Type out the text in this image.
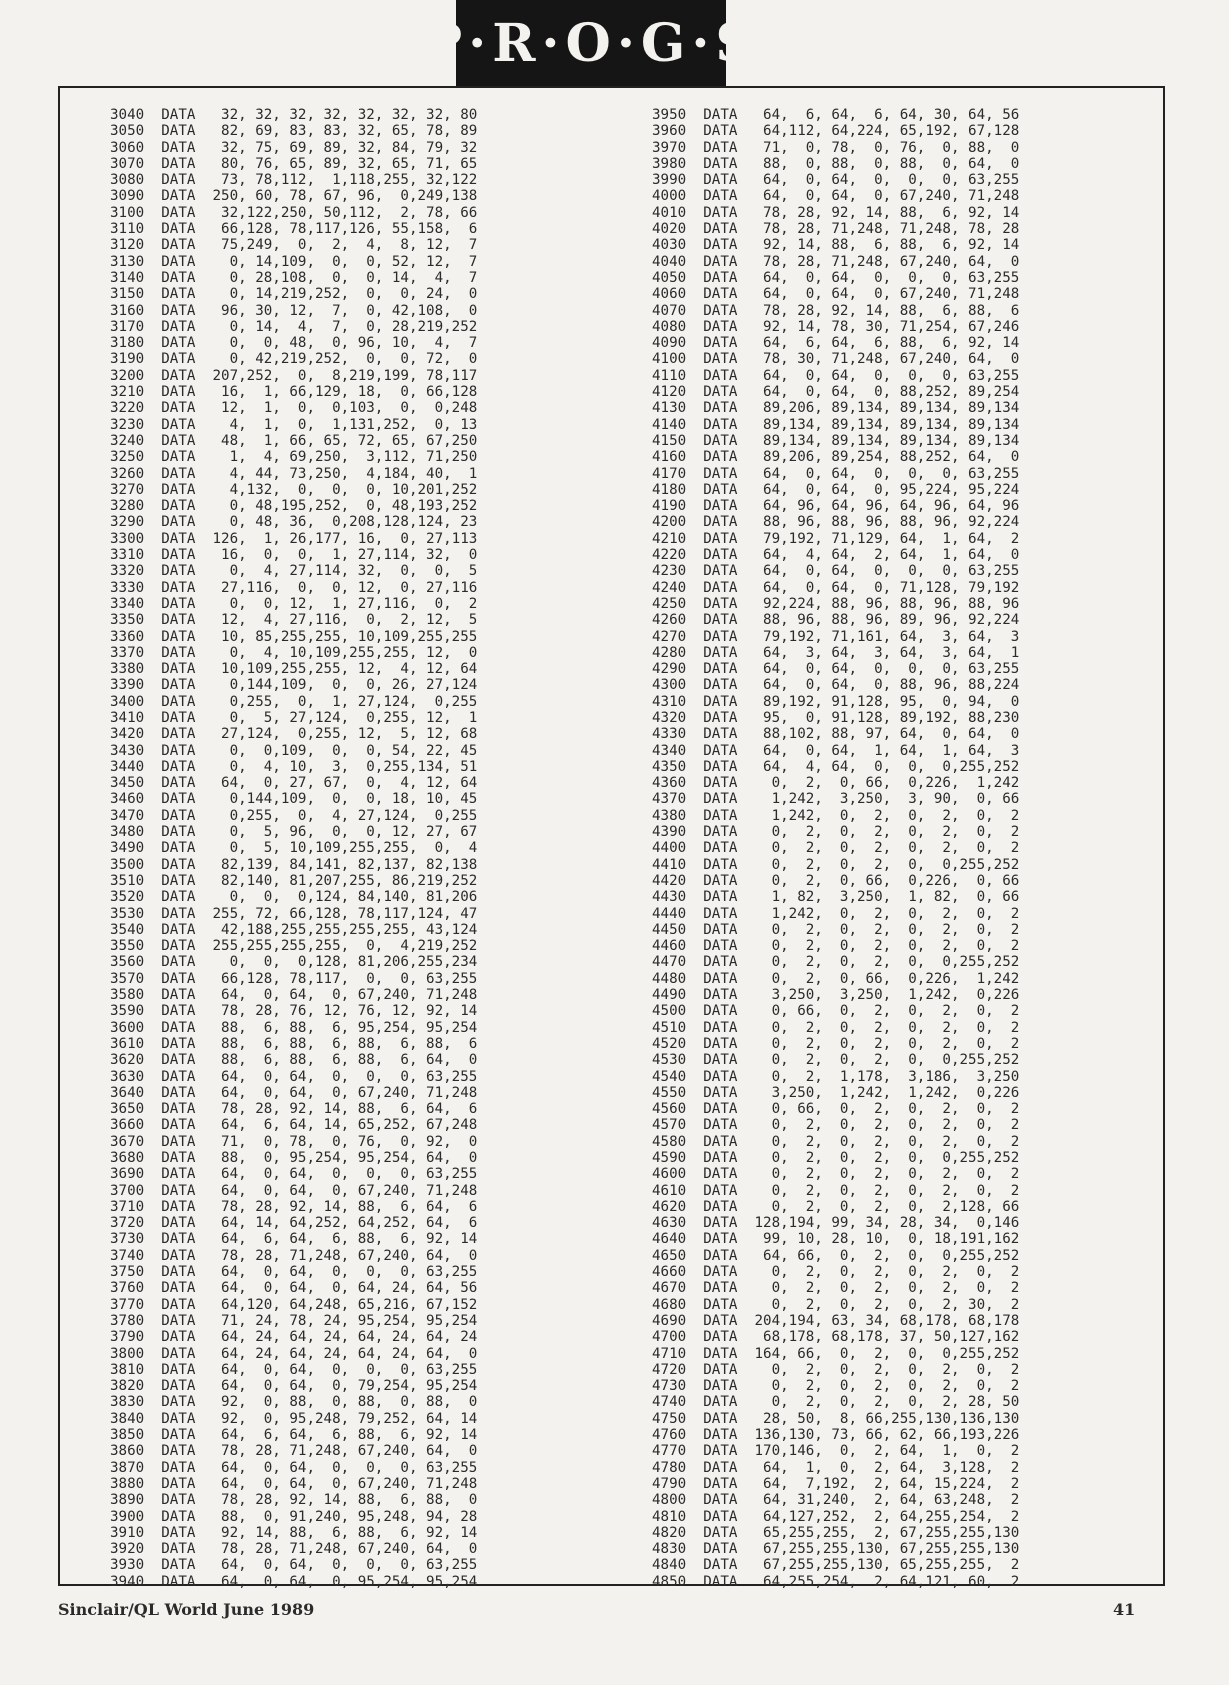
P·R·O·G·S
3040  DATA   32, 32, 32, 32, 32, 32, 32, 80
3050  DATA   82, 69, 83, 83, 32, 65, 78, 89
3060  DATA   32, 75, 69, 89, 32, 84, 79, 32
3070  DATA   80, 76, 65, 89, 32, 65, 71, 65
3080  DATA   73, 78,112,  1,118,255, 32,122
3090  DATA  250, 60, 78, 67, 96,  0,249,138
3100  DATA   32,122,250, 50,112,  2, 78, 66
3110  DATA   66,128, 78,117,126, 55,158,  6
3120  DATA   75,249,  0,  2,  4,  8, 12,  7
3130  DATA    0, 14,109,  0,  0, 52, 12,  7
3140  DATA    0, 28,108,  0,  0, 14,  4,  7
3150  DATA    0, 14,219,252,  0,  0, 24,  0
3160  DATA   96, 30, 12,  7,  0, 42,108,  0
3170  DATA    0, 14,  4,  7,  0, 28,219,252
3180  DATA    0,  0, 48,  0, 96, 10,  4,  7
3190  DATA    0, 42,219,252,  0,  0, 72,  0
3200  DATA  207,252,  0,  8,219,199, 78,117
3210  DATA   16,  1, 66,129, 18,  0, 66,128
3220  DATA   12,  1,  0,  0,103,  0,  0,248
3230  DATA    4,  1,  0,  1,131,252,  0, 13
3240  DATA   48,  1, 66, 65, 72, 65, 67,250
3250  DATA    1,  4, 69,250,  3,112, 71,250
3260  DATA    4, 44, 73,250,  4,184, 40,  1
3270  DATA    4,132,  0,  0,  0, 10,201,252
3280  DATA    0, 48,195,252,  0, 48,193,252
3290  DATA    0, 48, 36,  0,208,128,124, 23
3300  DATA  126,  1, 26,177, 16,  0, 27,113
3310  DATA   16,  0,  0,  1, 27,114, 32,  0
3320  DATA    0,  4, 27,114, 32,  0,  0,  5
3330  DATA   27,116,  0,  0, 12,  0, 27,116
3340  DATA    0,  0, 12,  1, 27,116,  0,  2
3350  DATA   12,  4, 27,116,  0,  2, 12,  5
3360  DATA   10, 85,255,255, 10,109,255,255
3370  DATA    0,  4, 10,109,255,255, 12,  0
3380  DATA   10,109,255,255, 12,  4, 12, 64
3390  DATA    0,144,109,  0,  0, 26, 27,124
3400  DATA    0,255,  0,  1, 27,124,  0,255
3410  DATA    0,  5, 27,124,  0,255, 12,  1
3420  DATA   27,124,  0,255, 12,  5, 12, 68
3430  DATA    0,  0,109,  0,  0, 54, 22, 45
3440  DATA    0,  4, 10,  3,  0,255,134, 51
3450  DATA   64,  0, 27, 67,  0,  4, 12, 64
3460  DATA    0,144,109,  0,  0, 18, 10, 45
3470  DATA    0,255,  0,  4, 27,124,  0,255
3480  DATA    0,  5, 96,  0,  0, 12, 27, 67
3490  DATA    0,  5, 10,109,255,255,  0,  4
3500  DATA   82,139, 84,141, 82,137, 82,138
3510  DATA   82,140, 81,207,255, 86,219,252
3520  DATA    0,  0,  0,124, 84,140, 81,206
3530  DATA  255, 72, 66,128, 78,117,124, 47
3540  DATA   42,188,255,255,255,255, 43,124
3550  DATA  255,255,255,255,  0,  4,219,252
3560  DATA    0,  0,  0,128, 81,206,255,234
3570  DATA   66,128, 78,117,  0,  0, 63,255
3580  DATA   64,  0, 64,  0, 67,240, 71,248
3590  DATA   78, 28, 76, 12, 76, 12, 92, 14
3600  DATA   88,  6, 88,  6, 95,254, 95,254
3610  DATA   88,  6, 88,  6, 88,  6, 88,  6
3620  DATA   88,  6, 88,  6, 88,  6, 64,  0
3630  DATA   64,  0, 64,  0,  0,  0, 63,255
3640  DATA   64,  0, 64,  0, 67,240, 71,248
3650  DATA   78, 28, 92, 14, 88,  6, 64,  6
3660  DATA   64,  6, 64, 14, 65,252, 67,248
3670  DATA   71,  0, 78,  0, 76,  0, 92,  0
3680  DATA   88,  0, 95,254, 95,254, 64,  0
3690  DATA   64,  0, 64,  0,  0,  0, 63,255
3700  DATA   64,  0, 64,  0, 67,240, 71,248
3710  DATA   78, 28, 92, 14, 88,  6, 64,  6
3720  DATA   64, 14, 64,252, 64,252, 64,  6
3730  DATA   64,  6, 64,  6, 88,  6, 92, 14
3740  DATA   78, 28, 71,248, 67,240, 64,  0
3750  DATA   64,  0, 64,  0,  0,  0, 63,255
3760  DATA   64,  0, 64,  0, 64, 24, 64, 56
3770  DATA   64,120, 64,248, 65,216, 67,152
3780  DATA   71, 24, 78, 24, 95,254, 95,254
3790  DATA   64, 24, 64, 24, 64, 24, 64, 24
3800  DATA   64, 24, 64, 24, 64, 24, 64,  0
3810  DATA   64,  0, 64,  0,  0,  0, 63,255
3820  DATA   64,  0, 64,  0, 79,254, 95,254
3830  DATA   92,  0, 88,  0, 88,  0, 88,  0
3840  DATA   92,  0, 95,248, 79,252, 64, 14
3850  DATA   64,  6, 64,  6, 88,  6, 92, 14
3860  DATA   78, 28, 71,248, 67,240, 64,  0
3870  DATA   64,  0, 64,  0,  0,  0, 63,255
3880  DATA   64,  0, 64,  0, 67,240, 71,248
3890  DATA   78, 28, 92, 14, 88,  6, 88,  0
3900  DATA   88,  0, 91,240, 95,248, 94, 28
3910  DATA   92, 14, 88,  6, 88,  6, 92, 14
3920  DATA   78, 28, 71,248, 67,240, 64,  0
3930  DATA   64,  0, 64,  0,  0,  0, 63,255
3940  DATA   64,  0, 64,  0, 95,254, 95,254
3950  DATA   64,  6, 64,  6, 64, 30, 64, 56
3960  DATA   64,112, 64,224, 65,192, 67,128
3970  DATA   71,  0, 78,  0, 76,  0, 88,  0
3980  DATA   88,  0, 88,  0, 88,  0, 64,  0
3990  DATA   64,  0, 64,  0,  0,  0, 63,255
4000  DATA   64,  0, 64,  0, 67,240, 71,248
4010  DATA   78, 28, 92, 14, 88,  6, 92, 14
4020  DATA   78, 28, 71,248, 71,248, 78, 28
4030  DATA   92, 14, 88,  6, 88,  6, 92, 14
4040  DATA   78, 28, 71,248, 67,240, 64,  0
4050  DATA   64,  0, 64,  0,  0,  0, 63,255
4060  DATA   64,  0, 64,  0, 67,240, 71,248
4070  DATA   78, 28, 92, 14, 88,  6, 88,  6
4080  DATA   92, 14, 78, 30, 71,254, 67,246
4090  DATA   64,  6, 64,  6, 88,  6, 92, 14
4100  DATA   78, 30, 71,248, 67,240, 64,  0
4110  DATA   64,  0, 64,  0,  0,  0, 63,255
4120  DATA   64,  0, 64,  0, 88,252, 89,254
4130  DATA   89,206, 89,134, 89,134, 89,134
4140  DATA   89,134, 89,134, 89,134, 89,134
4150  DATA   89,134, 89,134, 89,134, 89,134
4160  DATA   89,206, 89,254, 88,252, 64,  0
4170  DATA   64,  0, 64,  0,  0,  0, 63,255
4180  DATA   64,  0, 64,  0, 95,224, 95,224
4190  DATA   64, 96, 64, 96, 64, 96, 64, 96
4200  DATA   88, 96, 88, 96, 88, 96, 92,224
4210  DATA   79,192, 71,129, 64,  1, 64,  2
4220  DATA   64,  4, 64,  2, 64,  1, 64,  0
4230  DATA   64,  0, 64,  0,  0,  0, 63,255
4240  DATA   64,  0, 64,  0, 71,128, 79,192
4250  DATA   92,224, 88, 96, 88, 96, 88, 96
4260  DATA   88, 96, 88, 96, 89, 96, 92,224
4270  DATA   79,192, 71,161, 64,  3, 64,  3
4280  DATA   64,  3, 64,  3, 64,  3, 64,  1
4290  DATA   64,  0, 64,  0,  0,  0, 63,255
4300  DATA   64,  0, 64,  0, 88, 96, 88,224
4310  DATA   89,192, 91,128, 95,  0, 94,  0
4320  DATA   95,  0, 91,128, 89,192, 88,230
4330  DATA   88,102, 88, 97, 64,  0, 64,  0
4340  DATA   64,  0, 64,  1, 64,  1, 64,  3
4350  DATA   64,  4, 64,  0,  0,  0,255,252
4360  DATA    0,  2,  0, 66,  0,226,  1,242
4370  DATA    1,242,  3,250,  3, 90,  0, 66
4380  DATA    1,242,  0,  2,  0,  2,  0,  2
4390  DATA    0,  2,  0,  2,  0,  2,  0,  2
4400  DATA    0,  2,  0,  2,  0,  2,  0,  2
4410  DATA    0,  2,  0,  2,  0,  0,255,252
4420  DATA    0,  2,  0, 66,  0,226,  0, 66
4430  DATA    1, 82,  3,250,  1, 82,  0, 66
4440  DATA    1,242,  0,  2,  0,  2,  0,  2
4450  DATA    0,  2,  0,  2,  0,  2,  0,  2
4460  DATA    0,  2,  0,  2,  0,  2,  0,  2
4470  DATA    0,  2,  0,  2,  0,  0,255,252
4480  DATA    0,  2,  0, 66,  0,226,  1,242
4490  DATA    3,250,  3,250,  1,242,  0,226
4500  DATA    0, 66,  0,  2,  0,  2,  0,  2
4510  DATA    0,  2,  0,  2,  0,  2,  0,  2
4520  DATA    0,  2,  0,  2,  0,  2,  0,  2
4530  DATA    0,  2,  0,  2,  0,  0,255,252
4540  DATA    0,  2,  1,178,  3,186,  3,250
4550  DATA    3,250,  1,242,  1,242,  0,226
4560  DATA    0, 66,  0,  2,  0,  2,  0,  2
4570  DATA    0,  2,  0,  2,  0,  2,  0,  2
4580  DATA    0,  2,  0,  2,  0,  2,  0,  2
4590  DATA    0,  2,  0,  2,  0,  0,255,252
4600  DATA    0,  2,  0,  2,  0,  2,  0,  2
4610  DATA    0,  2,  0,  2,  0,  2,  0,  2
4620  DATA    0,  2,  0,  2,  0,  2,128, 66
4630  DATA  128,194, 99, 34, 28, 34,  0,146
4640  DATA   99, 10, 28, 10,  0, 18,191,162
4650  DATA   64, 66,  0,  2,  0,  0,255,252
4660  DATA    0,  2,  0,  2,  0,  2,  0,  2
4670  DATA    0,  2,  0,  2,  0,  2,  0,  2
4680  DATA    0,  2,  0,  2,  0,  2, 30,  2
4690  DATA  204,194, 63, 34, 68,178, 68,178
4700  DATA   68,178, 68,178, 37, 50,127,162
4710  DATA  164, 66,  0,  2,  0,  0,255,252
4720  DATA    0,  2,  0,  2,  0,  2,  0,  2
4730  DATA    0,  2,  0,  2,  0,  2,  0,  2
4740  DATA    0,  2,  0,  2,  0,  2, 28, 50
4750  DATA   28, 50,  8, 66,255,130,136,130
4760  DATA  136,130, 73, 66, 62, 66,193,226
4770  DATA  170,146,  0,  2, 64,  1,  0,  2
4780  DATA   64,  1,  0,  2, 64,  3,128,  2
4790  DATA   64,  7,192,  2, 64, 15,224,  2
4800  DATA   64, 31,240,  2, 64, 63,248,  2
4810  DATA   64,127,252,  2, 64,255,254,  2
4820  DATA   65,255,255,  2, 67,255,255,130
4830  DATA   67,255,255,130, 67,255,255,130
4840  DATA   67,255,255,130, 65,255,255,  2
4850  DATA   64,255,254,  2, 64,121, 60,  2
Sinclair/QL World June 1989	41
